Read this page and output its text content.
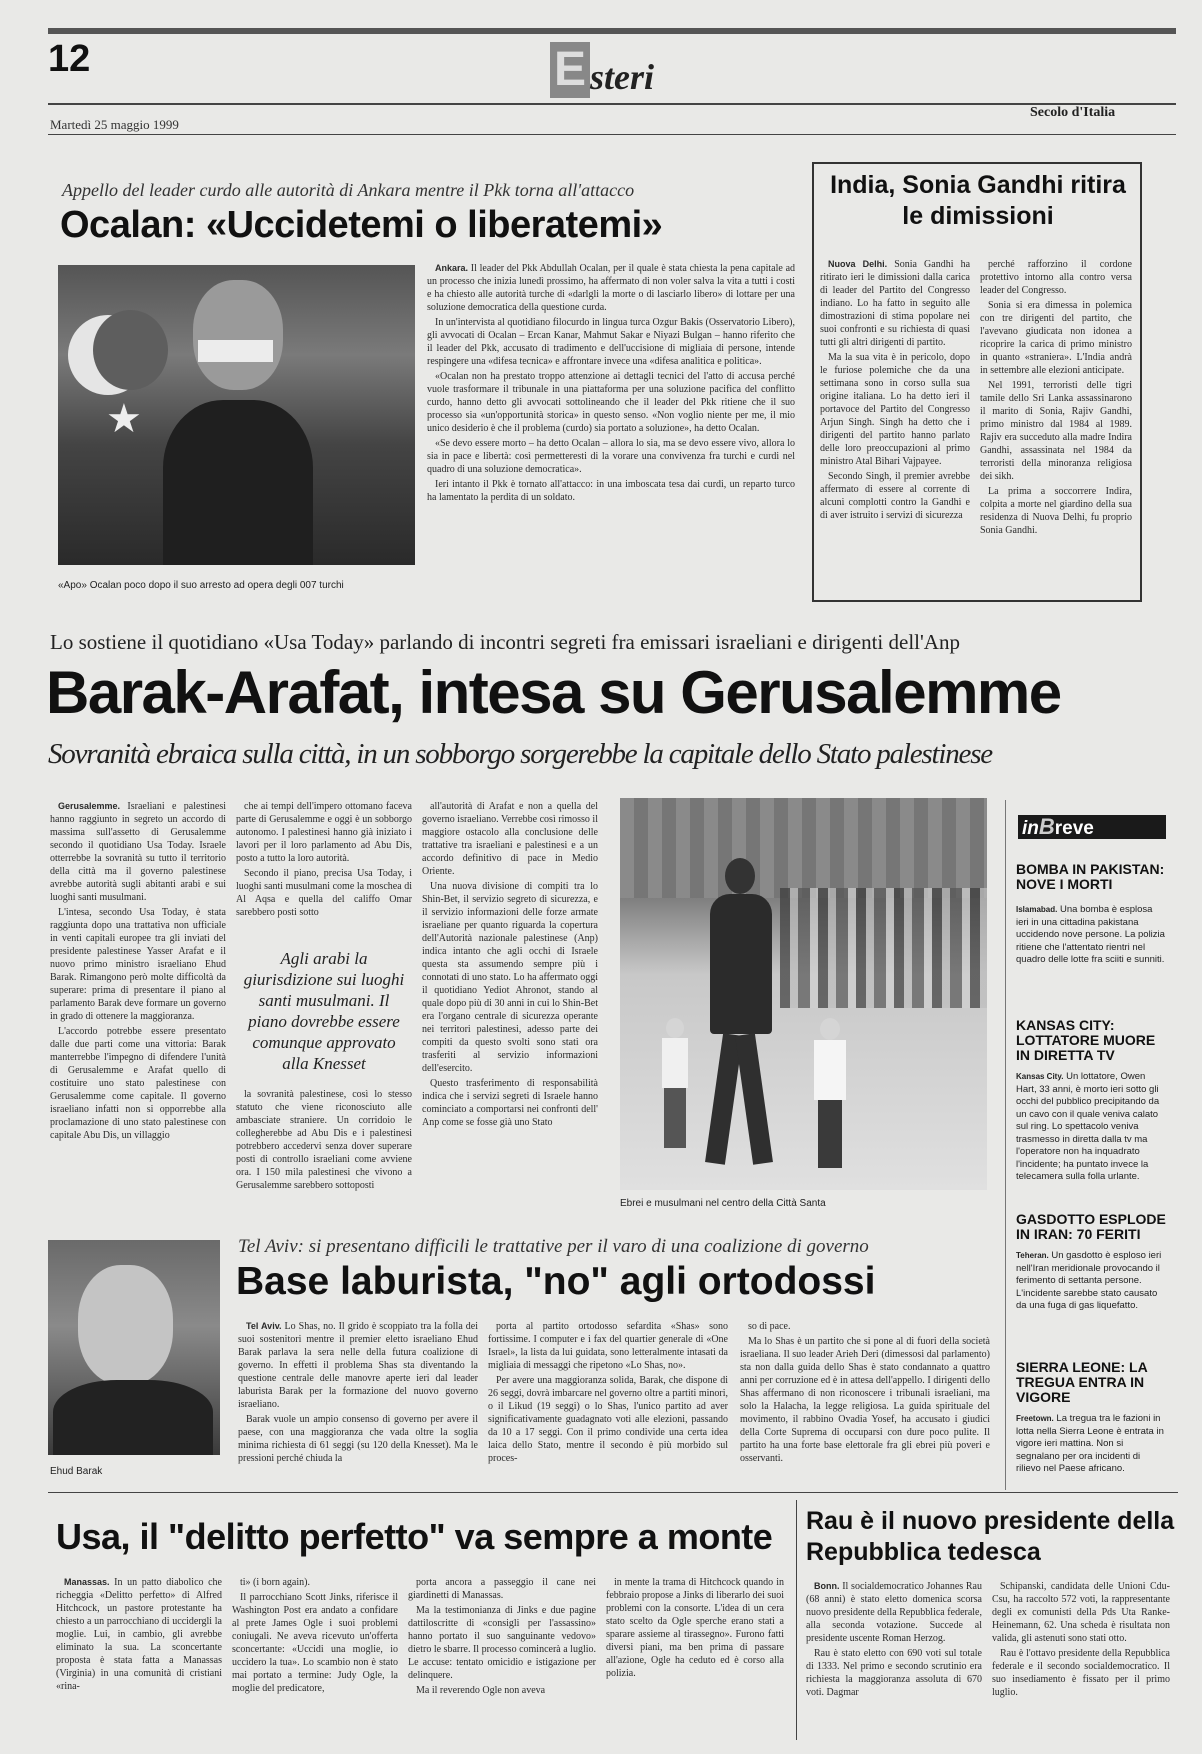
12	E steri
Martedì 25 maggio 1999
Secolo d'Italia
Appello del leader curdo alle autorità di Ankara mentre il Pkk torna all'attacco
Ocalan: «Uccidetemi o liberatemi»
★
«Apo» Ocalan poco dopo il suo arresto ad opera degli 007 turchi

Ankara. Il leader del Pkk Abdullah Ocalan, per il quale è stata chiesta la pena capitale ad un processo che inizia lunedì prossimo, ha affermato di non voler salva la vita a tutti i costi e ha chiesto alle autorità turche di «darlgli la morte o di lasciarlo libero» di lottare per una soluzione democratica della questione curda.

In un'intervista al quotidiano filocurdo in lingua turca Ozgur Bakis (Osservatorio Libero), gli avvocati di Ocalan – Ercan Kanar, Mahmut Sakar e Niyazi Bulgan – hanno riferito che il leader del Pkk, accusato di tradimento e dell'uccisione di migliaia di persone, intende respingere una «difesa tecnica» e affrontare invece una «difesa analitica e politica».

«Ocalan non ha prestato troppo attenzione ai dettagli tecnici del l'atto di accusa perché vuole trasformare il tribunale in una piattaforma per una soluzione pacifica del conflitto curdo, hanno detto gli avvocati sottolineando che il leader del Pkk ritiene che il suo processo sia «un'opportunità storica» in questo senso. «Non voglio niente per me, il mio unico desiderio è che il problema (curdo) sia portato a soluzione», ha detto Ocalan.

«Se devo essere morto – ha detto Ocalan – allora lo sia, ma se devo essere vivo, allora lo sia in pace e libertà: così permetteresti di la vorare una convivenza fra turchi e curdi nel quadro di una soluzione democratica».

Ieri intanto il Pkk è tornato all'attacco: in una imboscata tesa dai curdi, un reparto turco ha lamentato la perdita di un soldato.

India, Sonia Gandhi ritira le dimissioni

Nuova Delhi. Sonia Gandhi ha ritirato ieri le dimissioni dalla carica di leader del Partito del Congresso indiano. Lo ha fatto in seguito alle dimostrazioni di stima popolare nei suoi confronti e su richiesta di quasi tutti gli altri dirigenti di partito.

Ma la sua vita è in pericolo, dopo le furiose polemiche che da una settimana sono in corso sulla sua origine italiana. Lo ha detto ieri il portavoce del Partito del Congresso Arjun Singh. Singh ha detto che i dirigenti del partito hanno parlato delle loro preoccupazioni al primo ministro Atal Bihari Vajpayee.

Secondo Singh, il premier avrebbe affermato di essere al corrente di alcuni complotti contro la Gandhi e di aver istruito i servizi di sicurezza

perché rafforzino il cordone protettivo intorno alla contro versa leader del Congresso.

Sonia si era dimessa in polemica con tre dirigenti del partito, che l'avevano giudicata non idonea a ricoprire la carica di primo ministro in quanto «straniera». L'India andrà in settembre alle elezioni anticipate.

Nel 1991, terroristi delle tigri tamile dello Sri Lanka assassinarono il marito di Sonia, Rajiv Gandhi, primo ministro dal 1984 al 1989. Rajiv era succeduto alla madre Indira Gandhi, assassinata nel 1984 da terroristi della minoranza religiosa dei sikh.

La prima a soccorrere Indira, colpita a morte nel giardino della sua residenza di Nuova Delhi, fu proprio Sonia Gandhi.

Lo sostiene il quotidiano «Usa Today» parlando di incontri segreti fra emissari israeliani e dirigenti dell'Anp
Barak-Arafat, intesa su Gerusalemme
Sovranità ebraica sulla città, in un sobborgo sorgerebbe la capitale dello Stato palestinese

Gerusalemme. Israeliani e palestinesi hanno raggiunto in segreto un accordo di massima sull'assetto di Gerusalemme secondo il quotidiano Usa Today. Israele otterrebbe la sovranità su tutto il territorio della città ma il governo palestinese avrebbe autorità sugli abitanti arabi e sui luoghi santi musulmani.

L'intesa, secondo Usa Today, è stata raggiunta dopo una trattativa non ufficiale in venti capitali europee tra gli inviati del presidente palestinese Yasser Arafat e il nuovo primo ministro israeliano Ehud Barak. Rimangono però molte difficoltà da superare: prima di presentare il piano al parlamento Barak deve formare un governo in grado di ottenere la maggioranza.

L'accordo potrebbe essere presentato dalle due parti come una vittoria: Barak manterrebbe l'impegno di difendere l'unità di Gerusalemme e Arafat quello di costituire uno stato palestinese con Gerusalemme come capitale. Il governo israeliano infatti non si opporrebbe alla proclamazione di uno stato palestinese con capitale Abu Dis, un villaggio

che ai tempi dell'impero ottomano faceva parte di Gerusalemme e oggi è un sobborgo autonomo. I palestinesi hanno già iniziato i lavori per il loro parlamento ad Abu Dis, posto a tutto la loro autorità.

Secondo il piano, precisa Usa Today, i luoghi santi musulmani come la moschea di Al Aqsa e quella del califfo Omar sarebbero posti sotto

Agli arabi la giurisdizione sui luoghi santi musulmani. Il piano dovrebbe essere comunque approvato alla Knesset

la sovranità palestinese, così lo stesso statuto che viene riconosciuto alle ambasciate straniere. Un corridoio le collegherebbe ad Abu Dis e i palestinesi potrebbero accedervi senza dover superare posti di controllo israeliani come avviene ora. I 150 mila palestinesi che vivono a Gerusalemme sarebbero sottoposti

all'autorità di Arafat e non a quella del governo israeliano. Verrebbe così rimosso il maggiore ostacolo alla conclusione delle trattative tra israeliani e palestinesi e a un accordo definitivo di pace in Medio Oriente.

Una nuova divisione di compiti tra lo Shin-Bet, il servizio segreto di sicurezza, e il servizio informazioni delle forze armate israeliane per quanto riguarda la copertura dell'Autorità nazionale palestinese (Anp) indica intanto che agli occhi di Israele questa sta assumendo sempre più i connotati di uno stato. Lo ha affermato oggi il quotidiano Yediot Ahronot, stando al quale dopo più di 30 anni in cui lo Shin-Bet era l'organo centrale di sicurezza operante nei territori palestinesi, adesso parte dei compiti da questo svolti sono stati ora trasferiti al servizio informazioni dell'esercito.

Questo trasferimento di responsabilità indica che i servizi segreti di Israele hanno cominciato a comportarsi nei confronti dell' Anp come se fosse già uno Stato

Ebrei e musulmani nel centro della Città Santa
inBreve
BOMBA IN PAKISTAN: NOVE I MORTI
Islamabad. Una bomba è esplosa ieri in una cittadina pakistana uccidendo nove persone. La polizia ritiene che l'attentato rientri nel quadro delle lotte fra sciiti e sunniti.
KANSAS CITY: LOTTATORE MUORE IN DIRETTA TV
Kansas City. Un lottatore, Owen Hart, 33 anni, è morto ieri sotto gli occhi del pubblico precipitando da un cavo con il quale veniva calato sul ring. Lo spettacolo veniva trasmesso in diretta dalla tv ma l'operatore non ha inquadrato l'incidente; ha puntato invece la telecamera sulla folla urlante.
GASDOTTO ESPLODE IN IRAN: 70 FERITI
Teheran. Un gasdotto è esploso ieri nell'Iran meridionale provocando il ferimento di settanta persone. L'incidente sarebbe stato causato da una fuga di gas liquefatto.
SIERRA LEONE: LA TREGUA ENTRA IN VIGORE
Freetown. La tregua tra le fazioni in lotta nella Sierra Leone è entrata in vigore ieri mattina. Non si segnalano per ora incidenti di rilievo nel Paese africano.
Ehud Barak
Tel Aviv: si presentano difficili le trattative per il varo di una coalizione di governo
Base laburista, "no" agli ortodossi

Tel Aviv. Lo Shas, no. Il grido è scoppiato tra la folla dei suoi sostenitori mentre il premier eletto israeliano Ehud Barak parlava la sera nelle della futura coalizione di governo. In effetti il problema Shas sta diventando la questione centrale delle manovre aperte ieri dal leader laburista Barak per la formazione del nuovo governo israeliano.

Barak vuole un ampio consenso di governo per avere il paese, con una maggioranza che vada oltre la soglia minima richiesta di 61 seggi (su 120 della Knesset). Ma le pressioni perché chiuda la

porta al partito ortodosso sefardita «Shas» sono fortissime. I computer e i fax del quartier generale di «One Israel», la lista da lui guidata, sono letteralmente intasati da migliaia di messaggi che ripetono «Lo Shas, no».

Per avere una maggioranza solida, Barak, che dispone di 26 seggi, dovrà imbarcare nel governo oltre a partiti minori, o il Likud (19 seggi) o lo Shas, l'unico partito ad aver significativamente guadagnato voti alle elezioni, passando da 10 a 17 seggi. Con il primo condivide una certa idea laica dello Stato, mentre il secondo è più morbido sul proces-

so di pace.

Ma lo Shas è un partito che si pone al di fuori della società israeliana. Il suo leader Arieh Deri (dimessosi dal parlamento) sta non dalla guida dello Shas è stato condannato a quattro anni per corruzione ed è in attesa dell'appello. I dirigenti dello Shas affermano di non riconoscere i tribunali israeliani, ma solo la Halacha, la legge religiosa. La guida spirituale del movimento, il rabbino Ovadia Yosef, ha accusato i giudici della Corte Suprema di occuparsi con dure poco pulite. Il partito ha una forte base elettorale fra gli ebrei più poveri e osservanti.

Usa, il "delitto perfetto" va sempre a monte

Manassas. In un patto diabolico che richeggia «Delitto perfetto» di Alfred Hitchcock, un pastore protestante ha chiesto a un parrocchiano di uccidergli la moglie. Lui, in cambio, gli avrebbe eliminato la sua. La sconcertante proposta è stata fatta a Manassas (Virginia) in una comunità di cristiani «rina-

ti» (i born again).

Il parrocchiano Scott Jinks, riferisce il Washington Post era andato a confidare al prete James Ogle i suoi problemi coniugali. Ne aveva ricevuto un'offerta sconcertante: «Uccidi una moglie, io uccidero la tua». Lo scambio non è stato mai portato a termine: Judy Ogle, la moglie del predicatore,

porta ancora a passeggio il cane nei giardinetti di Manassas.

Ma la testimonianza di Jinks e due pagine dattiloscritte di «consigli per l'assassino» hanno portato il suo sanguinante vedovo» dietro le sbarre. Il processo comincerà a luglio. Le accuse: tentato omicidio e istigazione per delinquere.

Ma il reverendo Ogle non aveva

in mente la trama di Hitchcock quando in febbraio propose a Jinks di liberarlo dei suoi problemi con la consorte. L'idea di un cera stato scelto da Ogle sperche erano stati a sparare assieme al tirassegno». Furono fatti diversi piani, ma ben prima di passare all'azione, Ogle ha ceduto ed è corso alla polizia.

Rau è il nuovo presidente della Repubblica tedesca

Bonn. Il socialdemocratico Johannes Rau (68 anni) è stato eletto domenica scorsa nuovo presidente della Repubblica federale, alla seconda votazione. Succede al presidente uscente Roman Herzog.

Rau è stato eletto con 690 voti sul totale di 1333. Nel primo e secondo scrutinio era richiesta la maggioranza assoluta di 670 voti. Dagmar

Schipanski, candidata delle Unioni Cdu-Csu, ha raccolto 572 voti, la rappresentante degli ex comunisti della Pds Uta Ranke-Heinemann, 62. Una scheda è risultata non valida, gli astenuti sono stati otto.

Rau è l'ottavo presidente della Repubblica federale e il secondo socialdemocratico. Il suo insediamento è fissato per il primo luglio.
